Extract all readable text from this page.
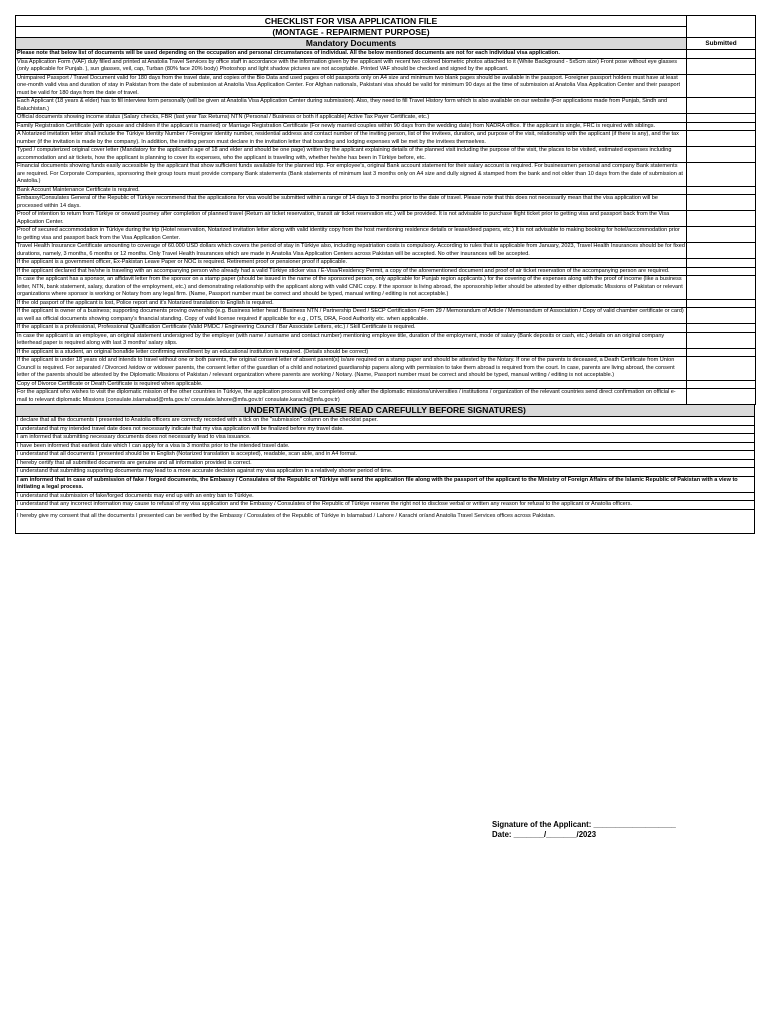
CHECKLIST FOR VISA APPLICATION FILE	
(MONTAGE - REPAIRMENT PURPOSE)	
Mandatory Documents	Submitted
Please note that below list of documents will be used depending on the occupation and personal circumstances of individual. All the below mentioned documents are not for each individual visa application.	
Visa Application Form (VAF) duly filled and printed at Anatolia Travel Services by office staff in accordance with the information given by the applicant with recent two colored biometric photos attached to it (White Background - 5x5cm size) Front pose without eye glasses (only applicable for Punjab. ), sun glasses, veil, cap, Turban (80% face 20% body) Photoshop and light shadow pictures are not acceptable. Printed VAF should be checked and signed by the applicant.	
Unimpaired Passport / Travel Document valid for 180 days from the travel date, and copies of the Bio Data and used pages of old passports only on A4 size and minimum two blank pages should be available in the passport. Foreigner passport holders must have at least one-month valid visa and duration of stay in Pakistan from the date of submission at Anatolia Visa Application Center. For Afghan nationals, Pakistani visa should be valid for minimum 90 days at the time of submission at Anatolia Visa Application Center and their passport must be valid for 180 days from the date of travel.	
Each Applicant (18 years & elder) has to fill interview form personally (will be given at Anatolia Visa Application Center during submission). Also, they need to fill Travel History form which is also available on our website (For applications made from Punjab, Sindh and Baluchistan.)	
Official documents showing income status (Salary checks, FBR (last year Tax Returns) NTN (Personal / Business or both if applicable) Active Tax Payer Certificate, etc.)	
Family Registration Certificate (with spouse and children if the applicant is married) or Marriage Registration Certificate (For newly married couples within 90 days from the wedding date) from NADRA office. If the applicant is single, FRC is required with siblings.	
A Notarized invitation letter shall include the Türkiye Identity Number / Foreigner identity number, residential address and contact number of the inviting person, list of the invitees, duration, and purpose of the visit, relationship with the applicant (if there is any), and the tax number (if the invitation is made by the company). In addition, the inviting person must declare in the invitation letter that boarding and lodging expenses will be met by the invitees themselves.	
Typed / computerized original cover letter (Mandatory for the applicant's age of 18 and elder and should be one page) written by the applicant explaining details of the planned visit including the purpose of the visit, the places to be visited, estimated expenses including accommodation and air tickets, how the applicant is planning to cover its expenses, who the applicant is traveling with, whether he/she has been in Türkiye before, etc.	
Financial documents showing funds easily accessible by the applicant that show sufficient funds available for the planned trip. For employee's, original Bank account statement for their salary account is required. For businessmen personal and company Bank statements are required. For Corporate Companies, sponsoring their group tours must provide company Bank statements (Bank statements of minimum last 3 months only on A4 size and dully signed & stamped from the bank and not older than 10 days from the date of submission at Anatolia.)	
Bank Account Maintenance Certificate is required.	
Embassy/Consulates General of the Republic of Türkiye recommend that the applications for visa would be submitted within a range of 14 days to 3 months prior to the date of travel. Please note that this does not necessarily mean that the visa application will be processed within 14 days.	
Proof of intention to return from Türkiye or onward journey after completion of planned travel (Return air ticket reservation, transit air ticket reservation etc.) will be provided. It is not advisable to purchase flight ticket prior to getting visa and passport back from the Visa Application Center.	
Proof of secured accommodation in Türkiye during the trip (Hotel reservation, Notarized invitation letter along with valid identity copy from the host mentioning residence details or lease/deed papers, etc.) It is not advisable to making booking for hotel/accommodation prior to getting visa and passport back from the Visa Application Center.	
Travel Health Insurance Certificate amounting to coverage of 60.000 USD dollars which covers the period of stay in Türkiye also, including repatriation costs is compulsory. According to rules that is applicable from January, 2023, Travel Health Insurances should be for fixed durations, namely, 3 months, 6 months or 12 months. Only Travel Health Insurances which are made in Anatolia Visa Application Centers across Pakistan will be accepted. No other insurances will be accepted.	
If the applicant is a government officer, Ex-Pakistan Leave Paper or NOC is required. Retirement proof or pensioner proof if applicable.	
If the applicant declared that he/she is traveling with an accompanying person who already had a valid Türkiye sticker visa / E-Visa/Residency Permit, a copy of the aforementioned document and proof of air ticket reservation of the accompanying person are required.	
In case the applicant has a sponsor, an affidavit letter from the sponsor on a stamp paper (should be issued in the name of the sponsored person, only applicable for Punjab region applicants.) for the covering of the expenses along with the proof of income (like a business letter, NTN, bank statement, salary, duration of the employment, etc.) and demonstrating relationship with the applicant along with valid CNIC copy. If the sponsor is living abroad, the sponsorship letter should be attested by either diplomatic Missions of Pakistan or relevant organizations where sponsor is working or Notary from any legal firm. (Name, Passport number must be correct and should be typed, manual writing / editing is not acceptable.)	
If the old pasport of the applicant is lost, Police report and it's Notarized translation to English is required.	
If the applicant is owner of a business; supporting documents proving ownership (e.g. Business letter head / Business NTN / Partnership Deed / SECP Certification / Form 29 / Memorandum of Article / Memorandum of Association / Copy of valid chamber certificate or card) as well as official documents showing company's financial standing. Copy of valid license required if applicable for e.g , DTS, DRA, Food Authority etc. when applicable.	
If the applicant is a professional, Professional Qualification Certificate (Valid PMDC / Engineering Council / Bar Associate Letters, etc.) / Skill Certificate is required.	
In case the applicant is an employee, an original statement undersigned by the employer (with name / surname and contact number) mentioning employee title, duration of the employment, mode of salary (Bank deposits or cash, etc.) details on an original company letterhead paper is required along with last 3 months' salary slips.	
If the applicant is a student, an original bonafide letter confirming enrollment by an educational institution is required. (Details should be correct)	
If the applicant is under 18 years old and intends to travel without one or both parents, the original consent letter of absent parent(s) is/are required on a stamp paper and should be attested by the Notary. If one of the parents is deceased, a Death Certificate from Union Council is required. For separated / Divorced /widow or widower parents, the consent letter of the guardian of a child and notarized guardianship papers along with permission to take them abroad is required from the court. In case, parents are living abroad, the consent letter of the parents should be attested by the Diplomatic Missions of Pakistan / relevant organization where parents are working / Notary. (Name, Passport number must be correct and should be typed, manual writing / editing is not acceptable.)	
Copy of Divorce Certificate or Death Certificate is required when applicable.	
For the applicant who wishes to visit the diplomatic mission of the other countries in Türkiye, the application process will be completed only after the diplomatic missions/universities / institutions / organization of the relevant countries send direct confirmation on official e-mail to relevant diplomatic Missions (consulate.islamabad@mfa.gov.tr/ consulate.lahore@mfa.gov.tr/ consulate.karachi@mfa.gov.tr)	
UNDERTAKING (PLEASE READ CAREFULLY BEFORE SIGNATURES)
I declare that all the documents I presented to Anatolia officers are correctly recorded with a tick on the "submission" column on the checklist paper.
I understand that my intended travel date does not necessarily indicate that my visa application will be finalized before my travel date.
I am informed that submitting necessary documents does not necessarily lead to visa issuance.
I have been informed that earliest date which I can apply for a visa is 3 months prior to the intended travel date.
I understand that all documents I presented should be in English (Notarized translation is accepted), readable, scan able, and in A4 format.
I hereby certify that all submitted documents are genuine and all information provided is correct.
I understand that submitting supporting documents may lead to a more accurate decision against my visa application in a relatively shorter period of time.
I am informed that in case of submission of fake / forged documents, the Embassy / Consulates of the Republic of Türkiye will send the application file along with the passport of the applicant to the Ministry of Foreign Affairs of the Islamic Republic of Pakistan with a view to initiating a legal process.
I understand that submission of fake/forged documents may end up with an entry ban to Türkiye.
I understand that any incorrect information may cause to refusal of my visa application and the Embassy / Consulates of the Republic of Türkiye reserve the right not to disclose verbal or written any reason for refusal to the applicant or Anatolia officers.
I hereby give my consent that all the documents I presented can be verified by the Embassy / Consulates of the Republic of Türkiye in Islamabad / Lahore / Karachi or/and Anatolia Travel Services offices across Pakistan.
Signature of the Applicant: ___________________
Date: _______/_______/2023
